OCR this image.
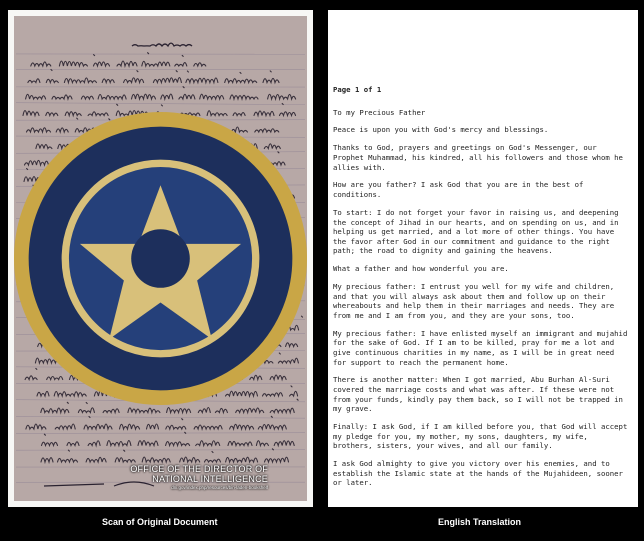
OFFICE OF THE DIRECTOR OF
NATIONAL INTELLIGENCE
dni.gov/index.php/resources/bin-laden-bookshelf

Page 1 of 1

To my Precious Father

Peace is upon you with God's mercy and blessings.

Thanks to God, prayers and greetings on God's Messenger, our Prophet Muhammad, his kindred, all his followers and those whom he allies with.

How are you father? I ask God that you are in the best of conditions.

To start: I do not forget your favor in raising us, and deepening the concept of Jihad in our hearts, and on spending on us, and in helping us get married, and a lot more of other things. You have the favor after God in our commitment and guidance to the right path; the road to dignity and gaining the heavens.

What a father and how wonderful you are.

My precious father: I entrust you well for my wife and children, and that you will always ask about them and follow up on their whereabouts and help them in their marriages and needs. They are from me and I am from you, and they are your sons, too.

My precious father: I have enlisted myself an immigrant and mujahid for the sake of God. If I am to be killed, pray for me a lot and give continuous charities in my name, as I will be in great need for support to reach the permanent home.

There is another matter: When I got married, Abu Burhan Al-Suri covered the marriage costs and what was after. If these were not from your funds, kindly pay them back, so I will not be trapped in my grave.

Finally: I ask God, if I am killed before you, that God will accept my pledge for you, my mother, my sons, daughters, my wife, brothers, sisters, your wives, and all our family.

I ask God almighty to give you victory over his enemies, and to establish the Islamic state at the hands of the Mujahideen, sooner or later.

Scan of Original Document	English Translation
